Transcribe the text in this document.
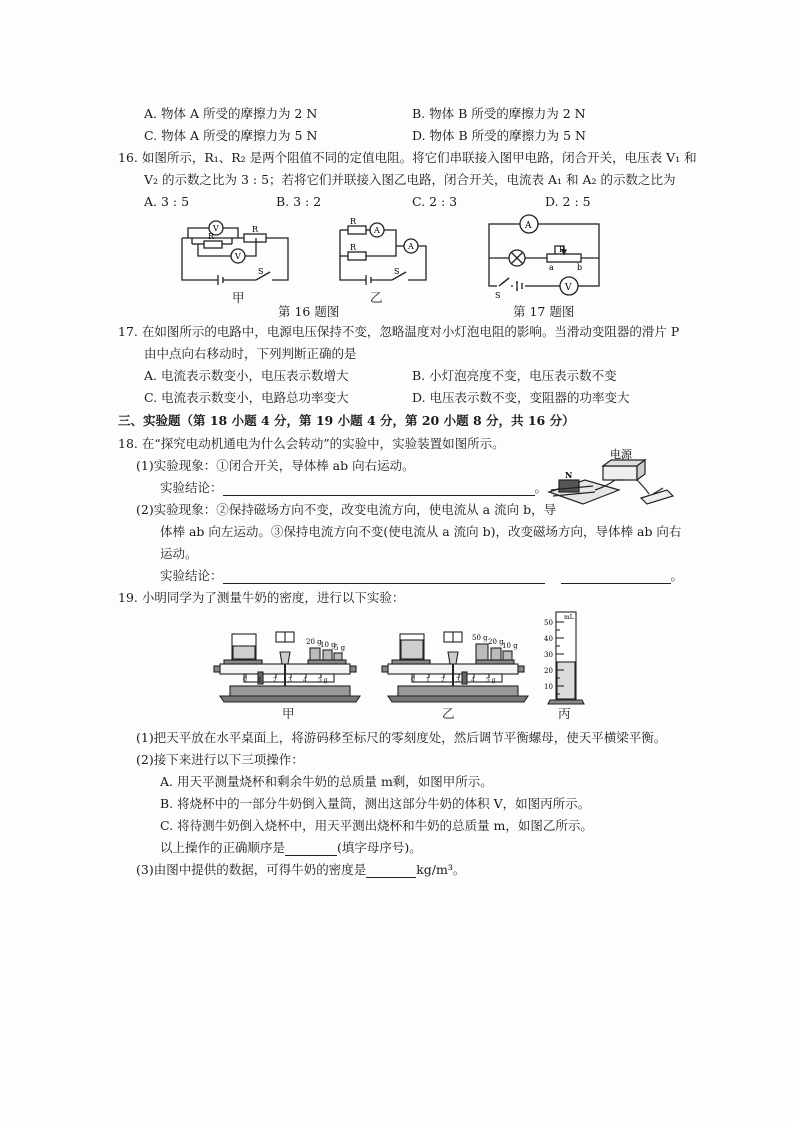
A. 物体 A 所受的摩擦力为 2 N	B. 物体 B 所受的摩擦力为 2 N
C. 物体 A 所受的摩擦力为 5 N	D. 物体 B 所受的摩擦力为 5 N
16. 如图所示，R₁、R₂ 是两个阻值不同的定值电阻。将它们串联接入图甲电路，闭合开关，电压表 V₁ 和
V₂ 的示数之比为 3 : 5；若将它们并联接入图乙电路，闭合开关，电流表 A₁ 和 A₂ 的示数之比为
A. 3 : 5	B. 3 : 2	C. 2 : 3	D. 2 : 5
V
V
R
R
S
甲
A
A
R
R
S
乙
第 16 题图
A
V
P
a	b
S
第 17 题图
17. 在如图所示的电路中，电源电压保持不变，忽略温度对小灯泡电阻的影响。当滑动变阻器的滑片 P
由中点向右移动时，下列判断正确的是
A. 电流表示数变小，电压表示数增大	B. 小灯泡亮度不变，电压表示数不变
C. 电流表示数变小，电路总功率变大	D. 电压表示数不变，变阻器的功率变大
三、实验题（第 18 小题 4 分，第 19 小题 4 分，第 20 小题 8 分，共 16 分）
18. 在“探究电动机通电为什么会转动”的实验中，实验装置如图所示。
(1)实验现象：①闭合开关，导体棒 ab 向右运动。
实验结论：	。
(2)实验现象：②保持磁场方向不变，改变电流方向，使电流从 a 流向 b，导
体棒 ab 向左运动。③保持电流方向不变(使电流从 a 流向 b)，改变磁场方向，导体棒 ab 向右
运动。
实验结论：	。
N
电源
19. 小明同学为了测量牛奶的密度，进行以下实验：
20 g
10 g
5 g
0 1 2 3 4 5 g
甲
50 g 20 g
10 g
0 1 2 3 4 5 g
乙
mL
50
40
30
20
10
丙
(1)把天平放在水平桌面上，将游码移至标尺的零刻度处，然后调节平衡螺母，使天平横梁平衡。
(2)接下来进行以下三项操作：
A. 用天平测量烧杯和剩余牛奶的总质量 m剩，如图甲所示。
B. 将烧杯中的一部分牛奶倒入量筒，测出这部分牛奶的体积 V，如图丙所示。
C. 将待测牛奶倒入烧杯中，用天平测出烧杯和牛奶的总质量 m，如图乙所示。
以上操作的正确顺序是	(填字母序号)。
(3)由图中提供的数据，可得牛奶的密度是	kg/m³。
